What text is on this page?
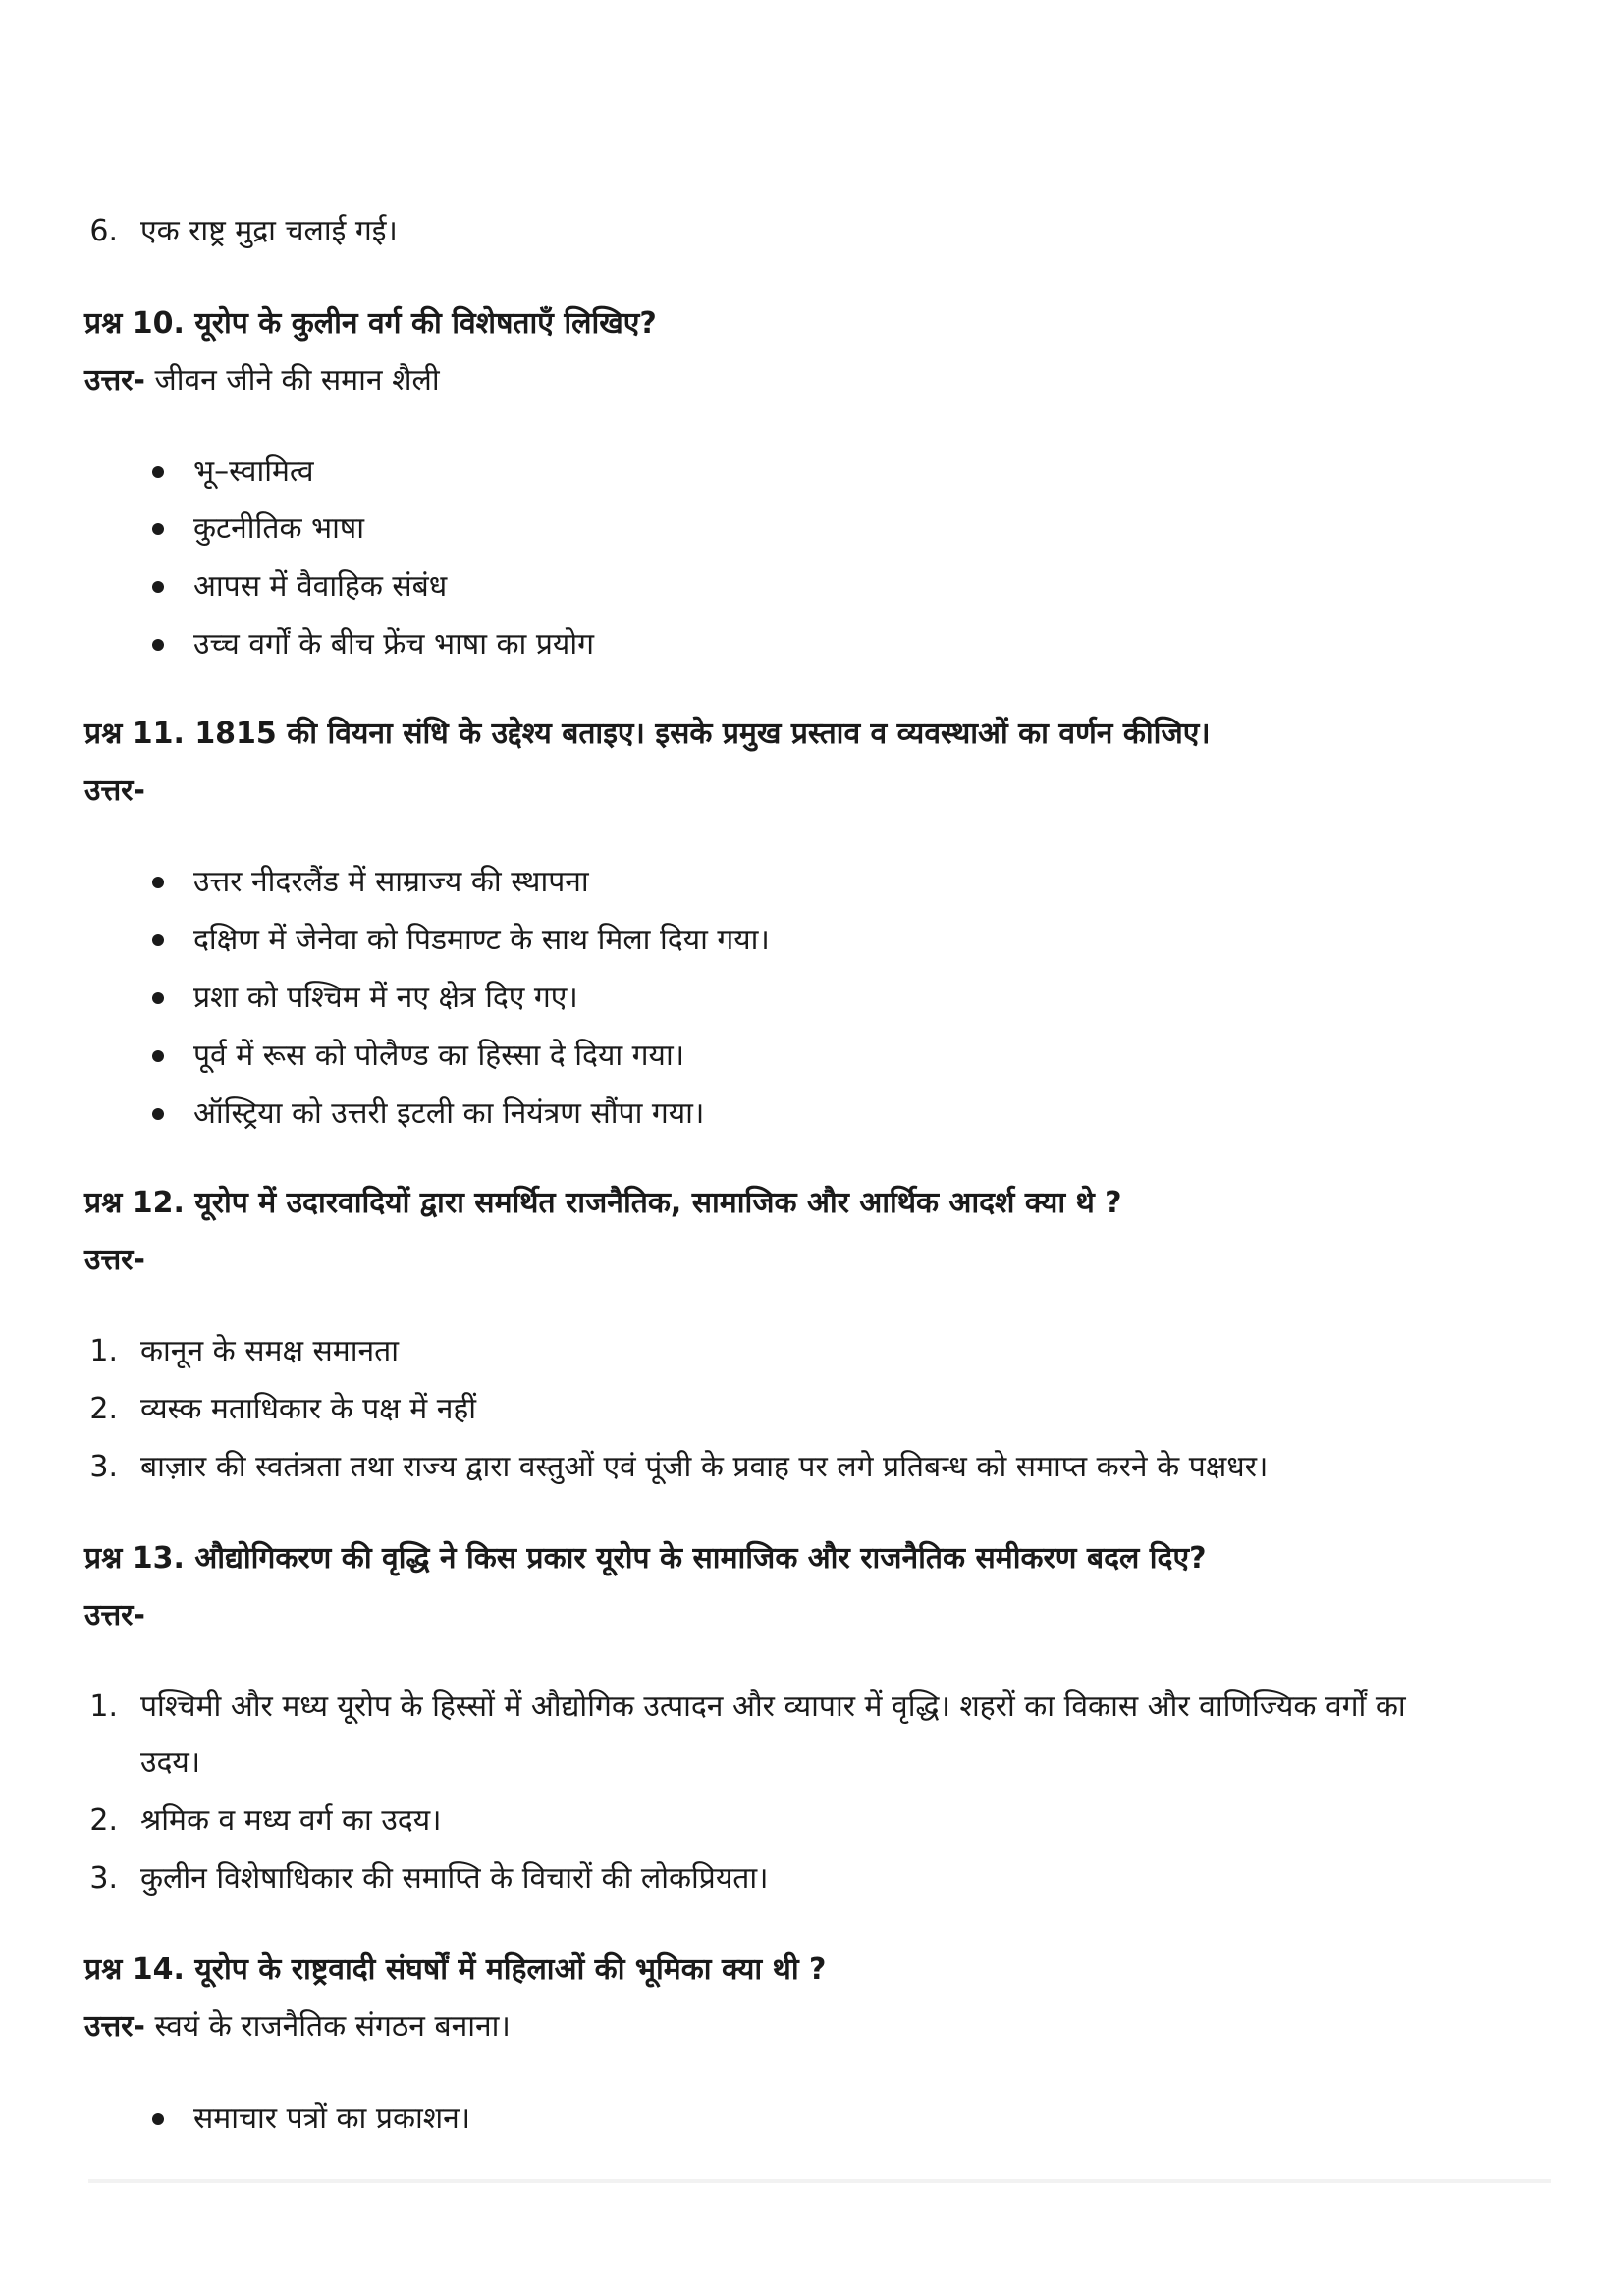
6. एक राष्ट्र मुद्रा चलाई गई।
प्रश्न 10. यूरोप के कुलीन वर्ग की विशेषताएँ लिखिए?
उत्तर- जीवन जीने की समान शैली
भू–स्वामित्व
कुटनीतिक भाषा
आपस में वैवाहिक संबंध
उच्च वर्गों के बीच फ्रेंच भाषा का प्रयोग
प्रश्न 11. 1815 की वियना संधि के उद्देश्य बताइए। इसके प्रमुख प्रस्ताव व व्यवस्थाओं का वर्णन कीजिए।
उत्तर-
उत्तर नीदरलैंड में साम्राज्य की स्थापना
दक्षिण में जेनेवा को पिडमाण्ट के साथ मिला दिया गया।
प्रशा को पश्चिम में नए क्षेत्र दिए गए।
पूर्व में रूस को पोलैण्ड का हिस्सा दे दिया गया।
ऑस्ट्रिया को उत्तरी इटली का नियंत्रण सौंपा गया।
प्रश्न 12. यूरोप में उदारवादियों द्वारा समर्थित राजनैतिक, सामाजिक और आर्थिक आदर्श क्या थे ?
उत्तर-
1. कानून के समक्ष समानता
2. व्यस्क मताधिकार के पक्ष में नहीं
3. बाज़ार की स्वतंत्रता तथा राज्य द्वारा वस्तुओं एवं पूंजी के प्रवाह पर लगे प्रतिबन्ध को समाप्त करने के पक्षधर।
प्रश्न 13. औद्योगिकरण की वृद्धि ने किस प्रकार यूरोप के सामाजिक और राजनैतिक समीकरण बदल दिए?
उत्तर-
1. पश्चिमी और मध्य यूरोप के हिस्सों में औद्योगिक उत्पादन और व्यापार में वृद्धि। शहरों का विकास और वाणिज्यिक वर्गों का
उदय।
2. श्रमिक व मध्य वर्ग का उदय।
3. कुलीन विशेषाधिकार की समाप्ति के विचारों की लोकप्रियता।
प्रश्न 14. यूरोप के राष्ट्रवादी संघर्षों में महिलाओं की भूमिका क्या थी ?
उत्तर- स्वयं के राजनैतिक संगठन बनाना।
समाचार पत्रों का प्रकाशन।
